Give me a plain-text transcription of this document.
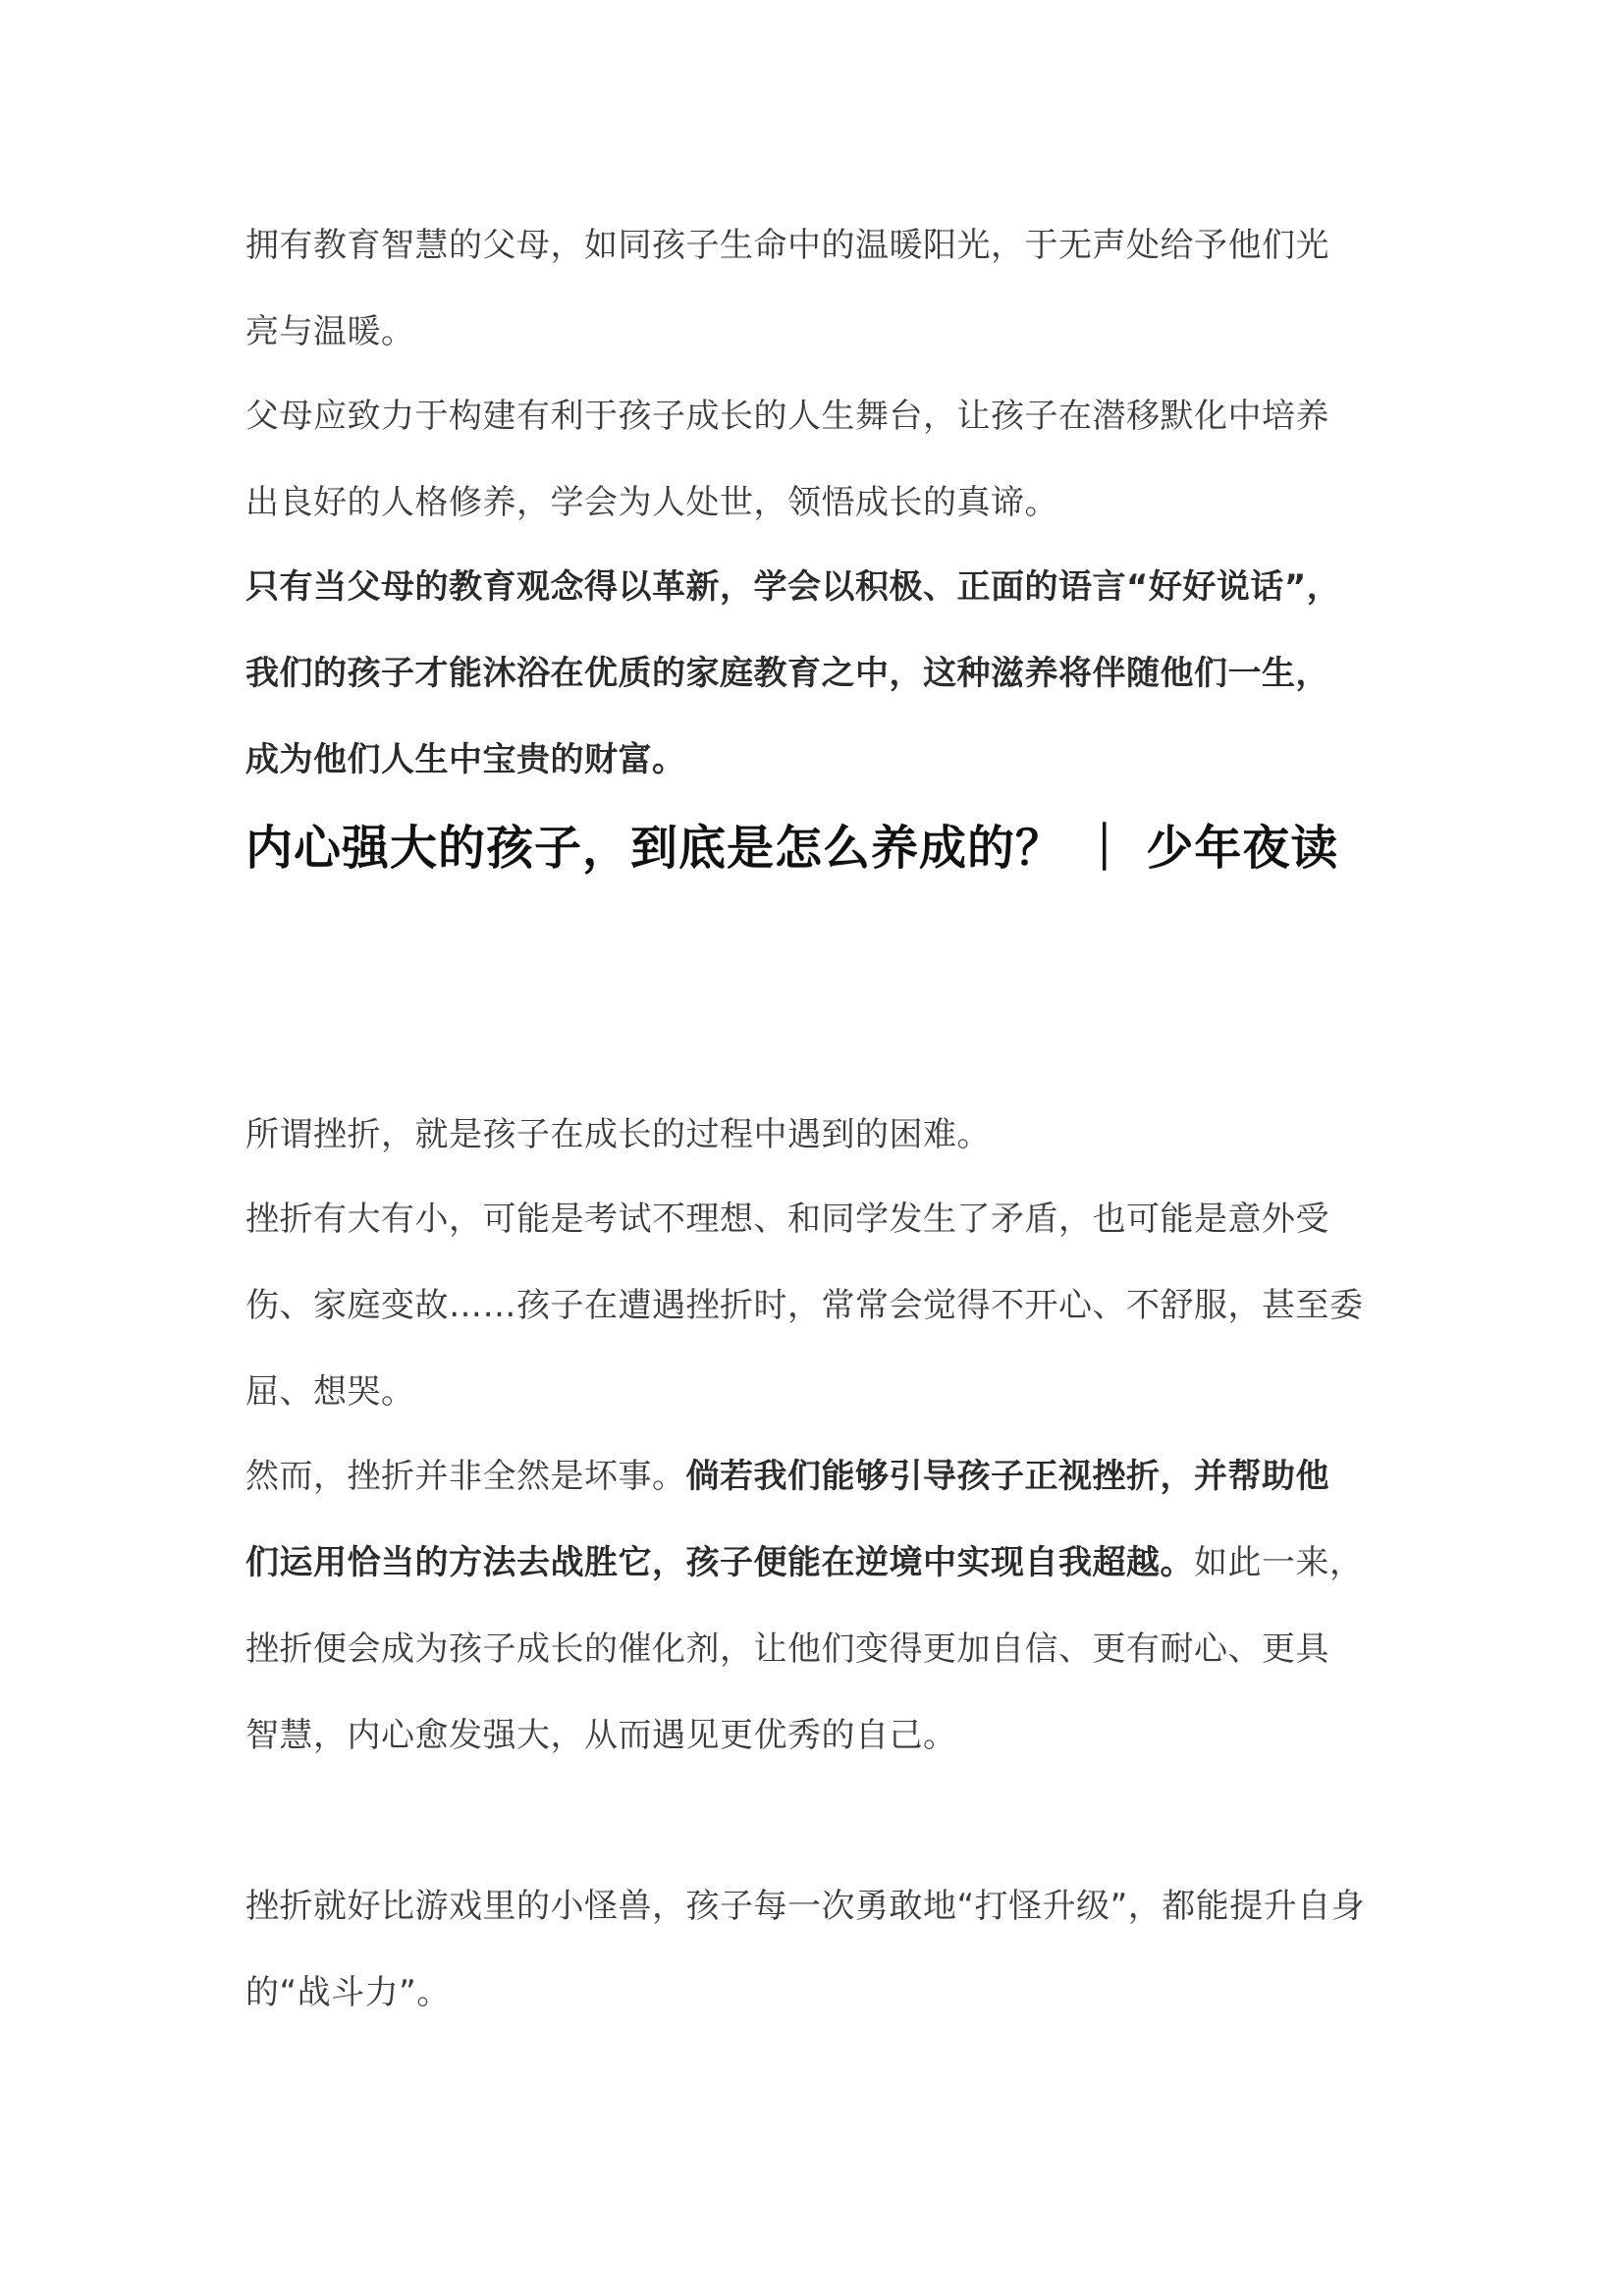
拥有教育智慧的父母，如同孩子生命中的温暖阳光，于无声处给予他们光
亮与温暖。
父母应致力于构建有利于孩子成长的人生舞台，让孩子在潜移默化中培养
出良好的人格修养，学会为人处世，领悟成长的真谛。
只有当父母的教育观念得以革新，学会以积极、正面的语言“好好说话”，
我们的孩子才能沐浴在优质的家庭教育之中，这种滋养将伴随他们一生，
成为他们人生中宝贵的财富。
内心强大的孩子，到底是怎么养成的？ ｜ 少年夜读
所谓挫折，就是孩子在成长的过程中遇到的困难。
挫折有大有小，可能是考试不理想、和同学发生了矛盾，也可能是意外受
伤、家庭变故……孩子在遭遇挫折时，常常会觉得不开心、不舒服，甚至委
屈、想哭。
然而，挫折并非全然是坏事。倘若我们能够引导孩子正视挫折，并帮助他
们运用恰当的方法去战胜它，孩子便能在逆境中实现自我超越。如此一来，
挫折便会成为孩子成长的催化剂，让他们变得更加自信、更有耐心、更具
智慧，内心愈发强大，从而遇见更优秀的自己。
挫折就好比游戏里的小怪兽，孩子每一次勇敢地“打怪升级”，都能提升自身
的“战斗力”。
